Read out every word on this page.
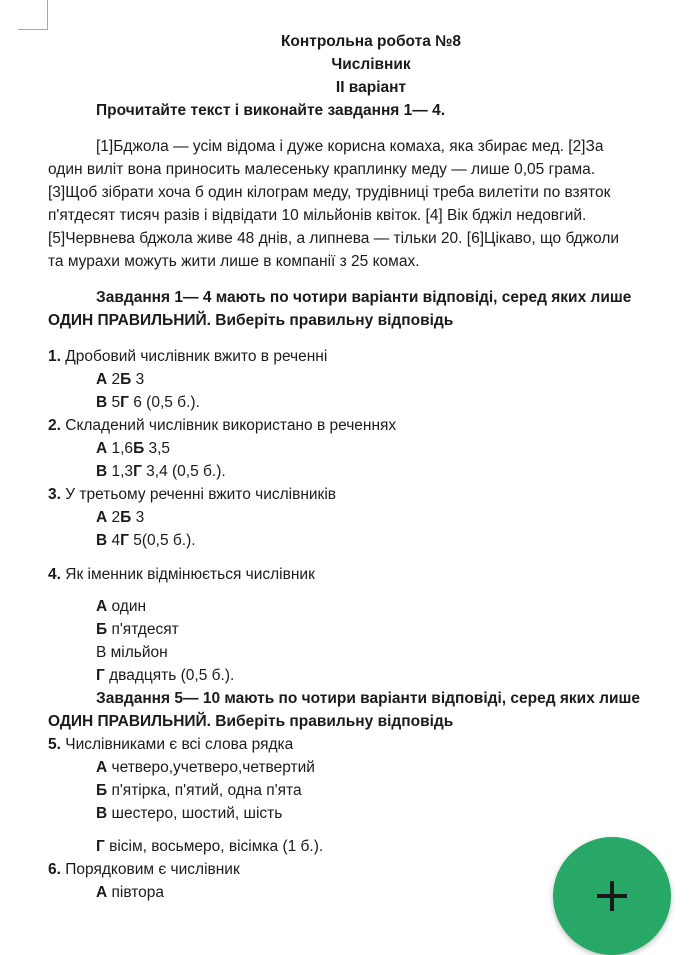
Контрольна робота №8
Числівник
ІІ варіант
Прочитайте текст і виконайте завдання 1— 4.
[1]Бджола — усім відома і дуже корисна комаха, яка збирає мед. [2]За
один виліт вона приносить малесеньку краплинку меду — лише 0,05 грама.
[3]Щоб зібрати хоча б один кілограм меду, трудівниці треба вилетіти по взяток
п'ятдесят тисяч разів і відвідати 10 мільйонів квіток. [4] Вік бджіл недовгий.
[5]Червнева бджола живе 48 днів, а липнева — тільки 20. [6]Цікаво, що бджоли
та мурахи можуть жити лише в компанії з 25 комах.
Завдання 1— 4 мають по чотири варіанти відповіді, серед яких лише
ОДИН ПРАВИЛЬНИЙ. Виберіть правильну відповідь
1. Дробовий числівник вжито в реченні
А 2Б 3
В 5Г 6 (0,5 б.).
2. Складений числівник використано в реченнях
А 1,6Б 3,5
В 1,3Г 3,4 (0,5 б.).
3. У третьому реченні вжито числівників
А 2Б 3
В 4Г 5(0,5 б.).
4. Як іменник відмінюється числівник
А один
Б п'ятдесят
В мільйон
Г двадцять (0,5 б.).
Завдання 5— 10 мають по чотири варіанти відповіді, серед яких лише
ОДИН ПРАВИЛЬНИЙ. Виберіть правильну відповідь
5. Числівниками є всі слова рядка
А четверо,учетверо,четвертий
Б п'ятірка, п'ятий, одна п'ята
В шестеро, шостий, шість
Г вісім, восьмеро, вісімка (1 б.).
6. Порядковим є числівник
А півтора
